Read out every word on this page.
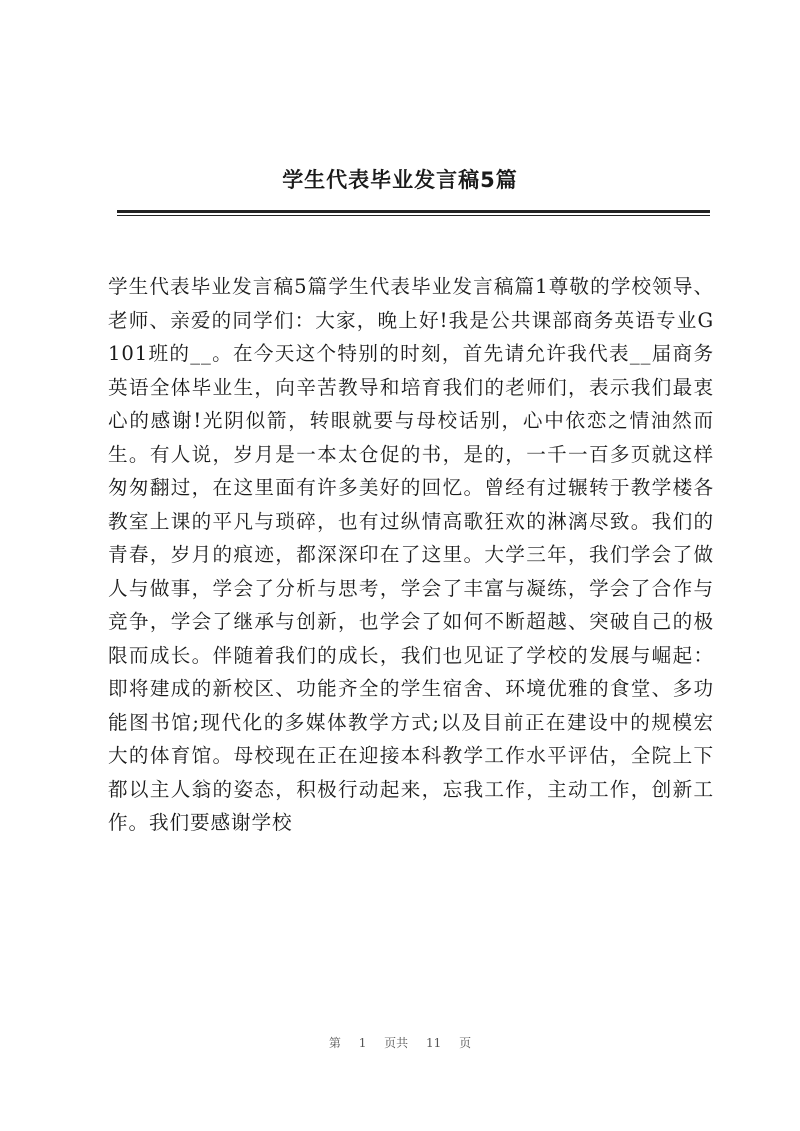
学生代表毕业发言稿5篇

学生代表毕业发言稿5篇学生代表毕业发言稿篇1尊敬的学校领导、老师、亲爱的同学们：大家，晚上好!我是公共课部商务英语专业G101班的__。在今天这个特别的时刻，首先请允许我代表__届商务英语全体毕业生，向辛苦教导和培育我们的老师们，表示我们最衷心的感谢!光阴似箭，转眼就要与母校话别，心中依恋之情油然而生。有人说，岁月是一本太仓促的书，是的，一千一百多页就这样匆匆翻过，在这里面有许多美好的回忆。曾经有过辗转于教学楼各教室上课的平凡与琐碎，也有过纵情高歌狂欢的淋漓尽致。我们的青春，岁月的痕迹，都深深印在了这里。大学三年，我们学会了做人与做事，学会了分析与思考，学会了丰富与凝练，学会了合作与竞争，学会了继承与创新，也学会了如何不断超越、突破自己的极限而成长。伴随着我们的成长，我们也见证了学校的发展与崛起：即将建成的新校区、功能齐全的学生宿舍、环境优雅的食堂、多功能图书馆;现代化的多媒体教学方式;以及目前正在建设中的规模宏大的体育馆。母校现在正在迎接本科教学工作水平评估，全院上下都以主人翁的姿态，积极行动起来，忘我工作，主动工作，创新工作。我们要感谢学校

第 1 页共 11 页
